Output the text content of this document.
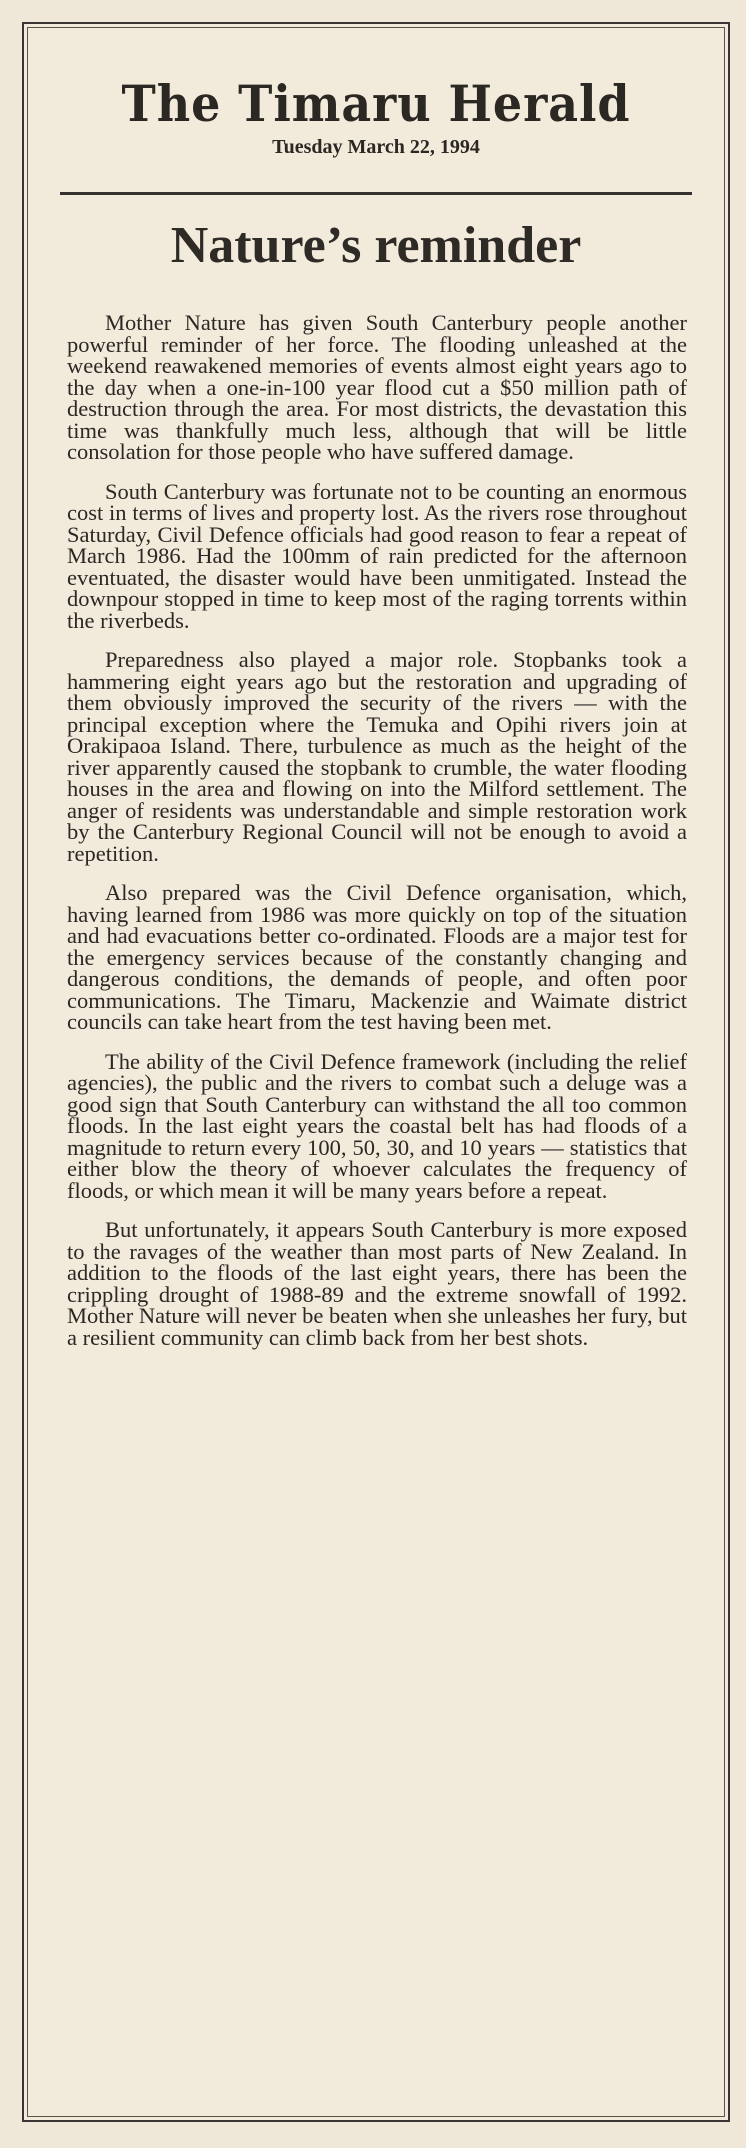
The Timaru Herald
Tuesday March 22, 1994
Nature’s reminder

Mother Nature has given South Canterbury people another powerful reminder of her force. The flooding unleashed at the weekend reawakened memories of events almost eight years ago to the day when a one-in-100 year flood cut a $50 million path of destruction through the area. For most districts, the devastation this time was thankfully much less, although that will be little consolation for those people who have suffered damage.

South Canterbury was fortunate not to be counting an enormous cost in terms of lives and property lost. As the rivers rose throughout Saturday, Civil Defence officials had good reason to fear a repeat of March 1986. Had the 100mm of rain predicted for the afternoon eventuated, the disaster would have been unmitigated. Instead the downpour stopped in time to keep most of the raging torrents within the riverbeds.

Preparedness also played a major role. Stopbanks took a hammering eight years ago but the restoration and upgrading of them obviously improved the security of the rivers — with the principal exception where the Temuka and Opihi rivers join at Orakipaoa Island. There, turbulence as much as the height of the river apparently caused the stopbank to crumble, the water flooding houses in the area and flowing on into the Milford settlement. The anger of residents was understandable and simple restoration work by the Canterbury Regional Council will not be enough to avoid a repetition.

Also prepared was the Civil Defence organisation, which, having learned from 1986 was more quickly on top of the situation and had evacuations better co-ordinated. Floods are a major test for the emergency services because of the constantly changing and dangerous conditions, the demands of people, and often poor communications. The Timaru, Mackenzie and Waimate district councils can take heart from the test having been met.

The ability of the Civil Defence framework (including the relief agencies), the public and the rivers to combat such a deluge was a good sign that South Canterbury can withstand the all too common floods. In the last eight years the coastal belt has had floods of a magnitude to return every 100, 50, 30, and 10 years — statistics that either blow the theory of whoever calculates the frequency of floods, or which mean it will be many years before a repeat.

But unfortunately, it appears South Canterbury is more exposed to the ravages of the weather than most parts of New Zealand. In addition to the floods of the last eight years, there has been the crippling drought of 1988-89 and the extreme snowfall of 1992. Mother Nature will never be beaten when she unleashes her fury, but a resilient community can climb back from her best shots.
